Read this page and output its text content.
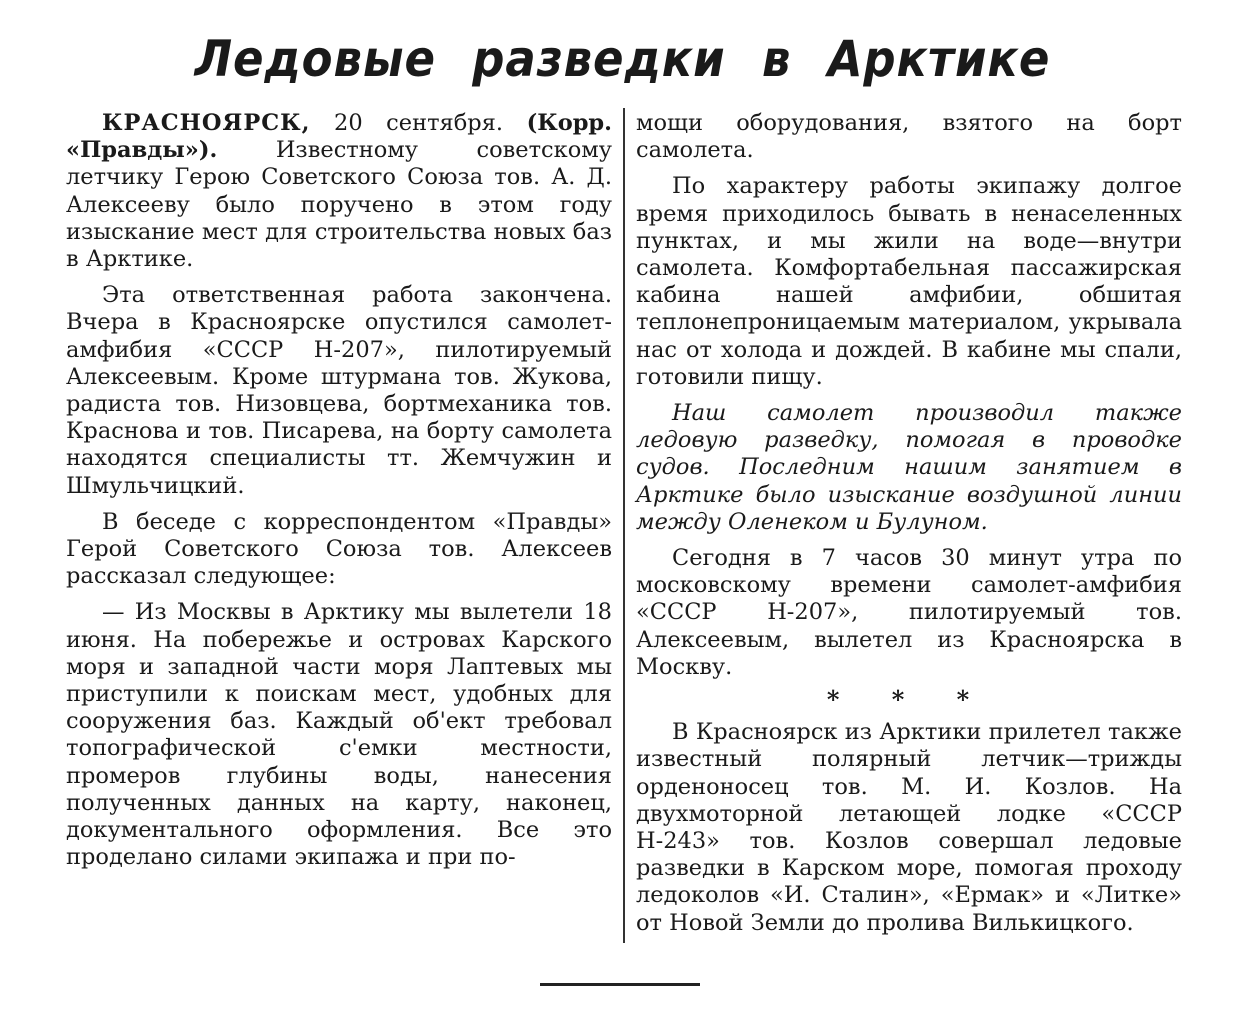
Ледовые разведки в Арктике

КРАСНОЯРСК, 20 сентября. (Корр. «Правды»).	Известному советскому летчику Герою Советского Союза тов. А. Д. Алексееву было поручено в этом году изыскание мест для строительства новых баз в Арктике.

Эта ответственная работа закончена. Вчера в Красноярске опустился самолет-амфибия «СССР Н-207», пилотируемый Алексеевым. Кроме штурмана тов. Жукова, радиста тов. Низовцева, бортмеханика тов. Краснова и тов. Писарева, на борту самолета находятся специалисты тт. Жемчужин и Шмульчицкий.

В беседе с корреспондентом «Правды» Герой Советского Союза тов. Алексеев рассказал следующее:

— Из Москвы в Арктику мы вылетели 18 июня. На побережье и островах Карского моря и западной части моря Лаптевых мы приступили к поискам мест, удобных для сооружения баз. Каждый об'ект требовал топографической с'емки местности, промеров глубины воды, нанесения полученных данных на карту, наконец, документального оформления. Все это проделано силами экипажа и при по-

мощи оборудования, взятого на борт самолета.

По характеру работы экипажу долгое время приходилось бывать в ненаселенных пунктах, и мы жили на воде—внутри самолета. Комфортабельная пассажирская кабина нашей амфибии, обшитая теплонепроницаемым материалом, укрывала нас от холода и дождей. В кабине мы спали, готовили пищу.

Наш самолет производил также ледовую разведку, помогая в проводке судов. Последним нашим занятием в Арктике было изыскание воздушной линии между Оленеком и Булуном.

Сегодня в 7 часов 30 минут утра по московскому времени самолет-амфибия «СССР Н-207», пилотируемый тов. Алексеевым, вылетел из Красноярска в Москву.

* * *

В Красноярск из Арктики прилетел также известный полярный летчик—трижды орденоносец тов. М. И. Козлов. На двухмоторной летающей лодке «СССР Н-243» тов. Козлов совершал ледовые разведки в Карском море, помогая проходу ледоколов «И. Сталин», «Ермак» и «Литке» от Новой Земли до пролива Вилькицкого.
